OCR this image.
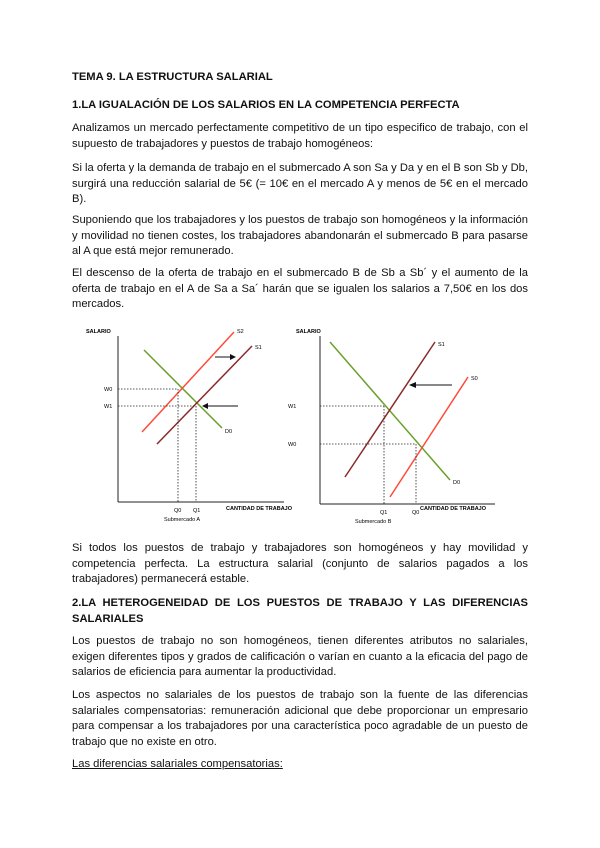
TEMA 9. LA ESTRUCTURA SALARIAL
1.LA IGUALACIÓN DE LOS SALARIOS EN LA COMPETENCIA PERFECTA
Analizamos un mercado perfectamente competitivo de un tipo especifico de trabajo, con el supuesto de trabajadores y puestos de trabajo homogéneos:
Si la oferta y la demanda de trabajo en el submercado A son Sa y Da y en el B son Sb y Db, surgirá una reducción salarial de 5€ (= 10€ en el mercado A y menos de 5€ en el mercado B).
Suponiendo que los trabajadores y los puestos de trabajo son homogéneos y la información y movilidad no tienen costes, los trabajadores abandonarán el submercado B para pasarse al A que está mejor remunerado.
El descenso de la oferta de trabajo en el submercado B de Sb a Sb´ y el aumento de la oferta de trabajo en el A de Sa a Sa´ harán que se igualen los salarios a 7,50€ en los dos mercados.
SALARIO
CANTIDAD DE TRABAJO
Submercado A
S2
S1
D0
W0
W1
Q0 Q1
SALARIO
CANTIDAD DE TRABAJO
Submercado B
S1
S0
D0
W1
W0
Q1	Q0
Si todos los puestos de trabajo y trabajadores son homogéneos y hay movilidad y competencia perfecta. La estructura salarial (conjunto de salarios pagados a los trabajadores) permanecerá estable.
2.LA HETEROGENEIDAD DE LOS PUESTOS DE TRABAJO Y LAS DIFERENCIAS SALARIALES
Los puestos de trabajo no son homogéneos, tienen diferentes atributos no salariales, exigen diferentes tipos y grados de calificación o varían en cuanto a la eficacia del pago de salarios de eficiencia para aumentar la productividad.
Los aspectos no salariales de los puestos de trabajo son la fuente de las diferencias salariales compensatorias: remuneración adicional que debe proporcionar un empresario para compensar a los trabajadores por una característica poco agradable de un puesto de trabajo que no existe en otro.
Las diferencias salariales compensatorias:
